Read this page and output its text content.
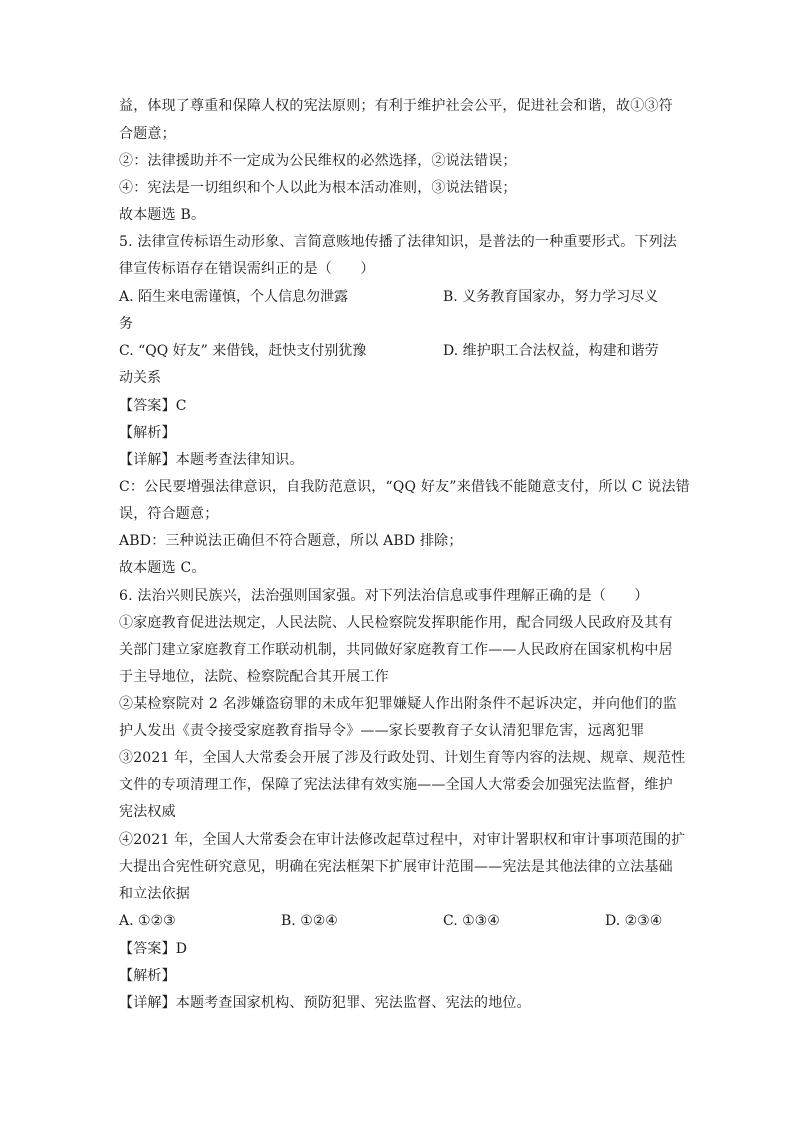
益，体现了尊重和保障人权的宪法原则；有利于维护社会公平，促进社会和谐，故①③符
合题意；
②：法律援助并不一定成为公民维权的必然选择，②说法错误；
④：宪法是一切组织和个人以此为根本活动准则，③说法错误；
故本题选 B。
5. 法律宣传标语生动形象、言简意赅地传播了法律知识，是普法的一种重要形式。下列法
律宣传标语存在错误需纠正的是（　　）
A. 陌生来电需谨慎，个人信息勿泄露	B. 义务教育国家办，努力学习尽义
务
C. “QQ 好友” 来借钱，赶快支付别犹豫	D. 维护职工合法权益，构建和谐劳
动关系
【答案】C
【解析】
【详解】本题考查法律知识。
C：公民要增强法律意识，自我防范意识，“QQ 好友”来借钱不能随意支付，所以 C 说法错
误，符合题意；
ABD：三种说法正确但不符合题意，所以 ABD 排除；
故本题选 C。
6. 法治兴则民族兴，法治强则国家强。对下列法治信息或事件理解正确的是（　　）
①家庭教育促进法规定，人民法院、人民检察院发挥职能作用，配合同级人民政府及其有
关部门建立家庭教育工作联动机制，共同做好家庭教育工作——人民政府在国家机构中居
于主导地位，法院、检察院配合其开展工作
②某检察院对 2 名涉嫌盗窃罪的未成年犯罪嫌疑人作出附条件不起诉决定，并向他们的监
护人发出《责令接受家庭教育指导令》——家长要教育子女认清犯罪危害，远离犯罪
③2021 年，全国人大常委会开展了涉及行政处罚、计划生育等内容的法规、规章、规范性
文件的专项清理工作，保障了宪法法律有效实施——全国人大常委会加强宪法监督，维护
宪法权威
④2021 年，全国人大常委会在审计法修改起草过程中，对审计署职权和审计事项范围的扩
大提出合宪性研究意见，明确在宪法框架下扩展审计范围——宪法是其他法律的立法基础
和立法依据
A. ①②③	B. ①②④	C. ①③④	D. ②③④
【答案】D
【解析】
【详解】本题考查国家机构、预防犯罪、宪法监督、宪法的地位。
